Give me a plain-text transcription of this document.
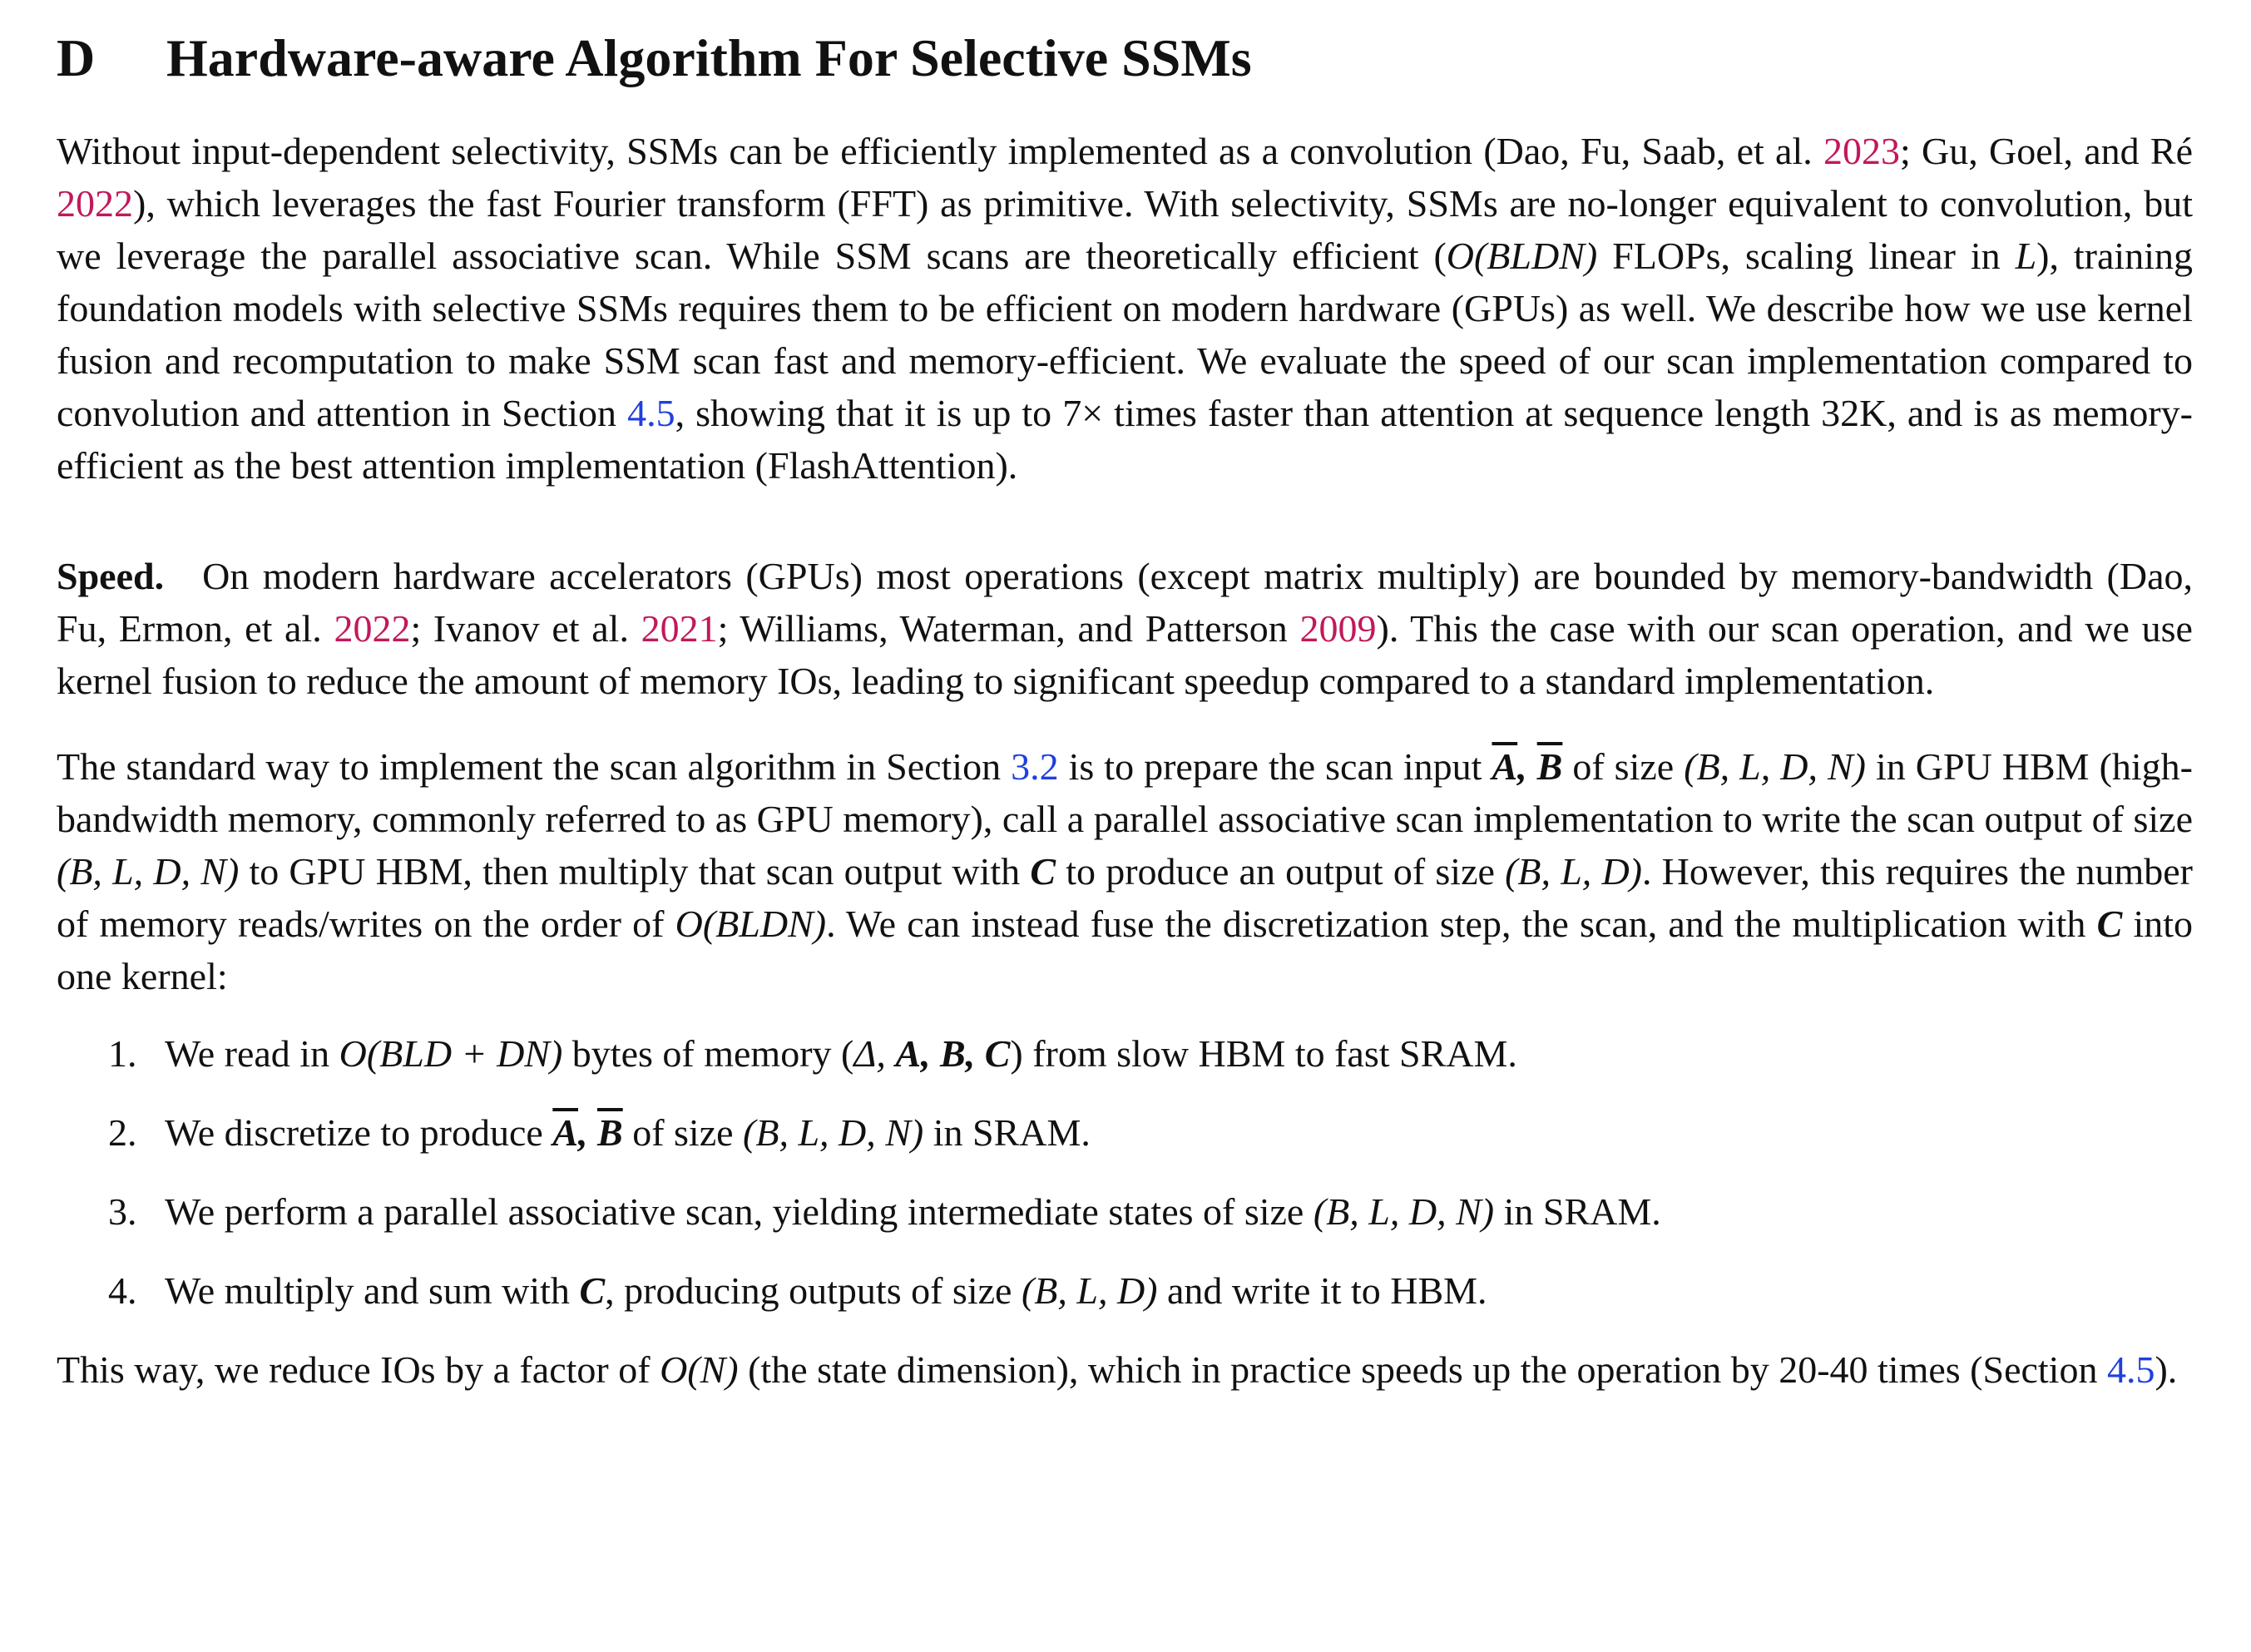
D Hardware-aware Algorithm For Selective SSMs

Without input-dependent selectivity, SSMs can be efficiently implemented as a convolution (Dao, Fu, Saab, et al. 2023; Gu, Goel, and Ré 2022), which leverages the fast Fourier transform (FFT) as primitive. With selectivity, SSMs are no-longer equivalent to convolution, but we leverage the parallel associative scan. While SSM scans are theoretically efficient (O(BLDN) FLOPs, scaling linear in L), training foundation models with selective SSMs requires them to be efficient on modern hardware (GPUs) as well. We describe how we use kernel fusion and recomputation to make SSM scan fast and memory-efficient. We evaluate the speed of our scan implementation compared to convolution and attention in Section 4.5, showing that it is up to 7× times faster than attention at sequence length 32K, and is as memory-efficient as the best attention implementation (FlashAttention).

Speed. On modern hardware accelerators (GPUs) most operations (except matrix multiply) are bounded by memory-bandwidth (Dao, Fu, Ermon, et al. 2022; Ivanov et al. 2021; Williams, Waterman, and Patterson 2009). This the case with our scan operation, and we use kernel fusion to reduce the amount of memory IOs, leading to significant speedup compared to a standard implementation.

The standard way to implement the scan algorithm in Section 3.2 is to prepare the scan input $\overline{A}$, $\overline{B}$ of size (B, L, D, N) in GPU HBM (high-bandwidth memory, commonly referred to as GPU memory), call a parallel associative scan implementation to write the scan output of size (B, L, D, N) to GPU HBM, then multiply that scan output with C to produce an output of size (B, L, D). However, this requires the number of memory reads/writes on the order of O(BLDN). We can instead fuse the discretization step, the scan, and the multiplication with C into one kernel:

1. We read in O(BLD + DN) bytes of memory (Δ, A, B, C) from slow HBM to fast SRAM.
2. We discretize to produce $\overline{A}$, $\overline{B}$ of size (B, L, D, N) in SRAM.
3. We perform a parallel associative scan, yielding intermediate states of size (B, L, D, N) in SRAM.
4. We multiply and sum with C, producing outputs of size (B, L, D) and write it to HBM.

This way, we reduce IOs by a factor of O(N) (the state dimension), which in practice speeds up the operation by 20-40 times (Section 4.5).
